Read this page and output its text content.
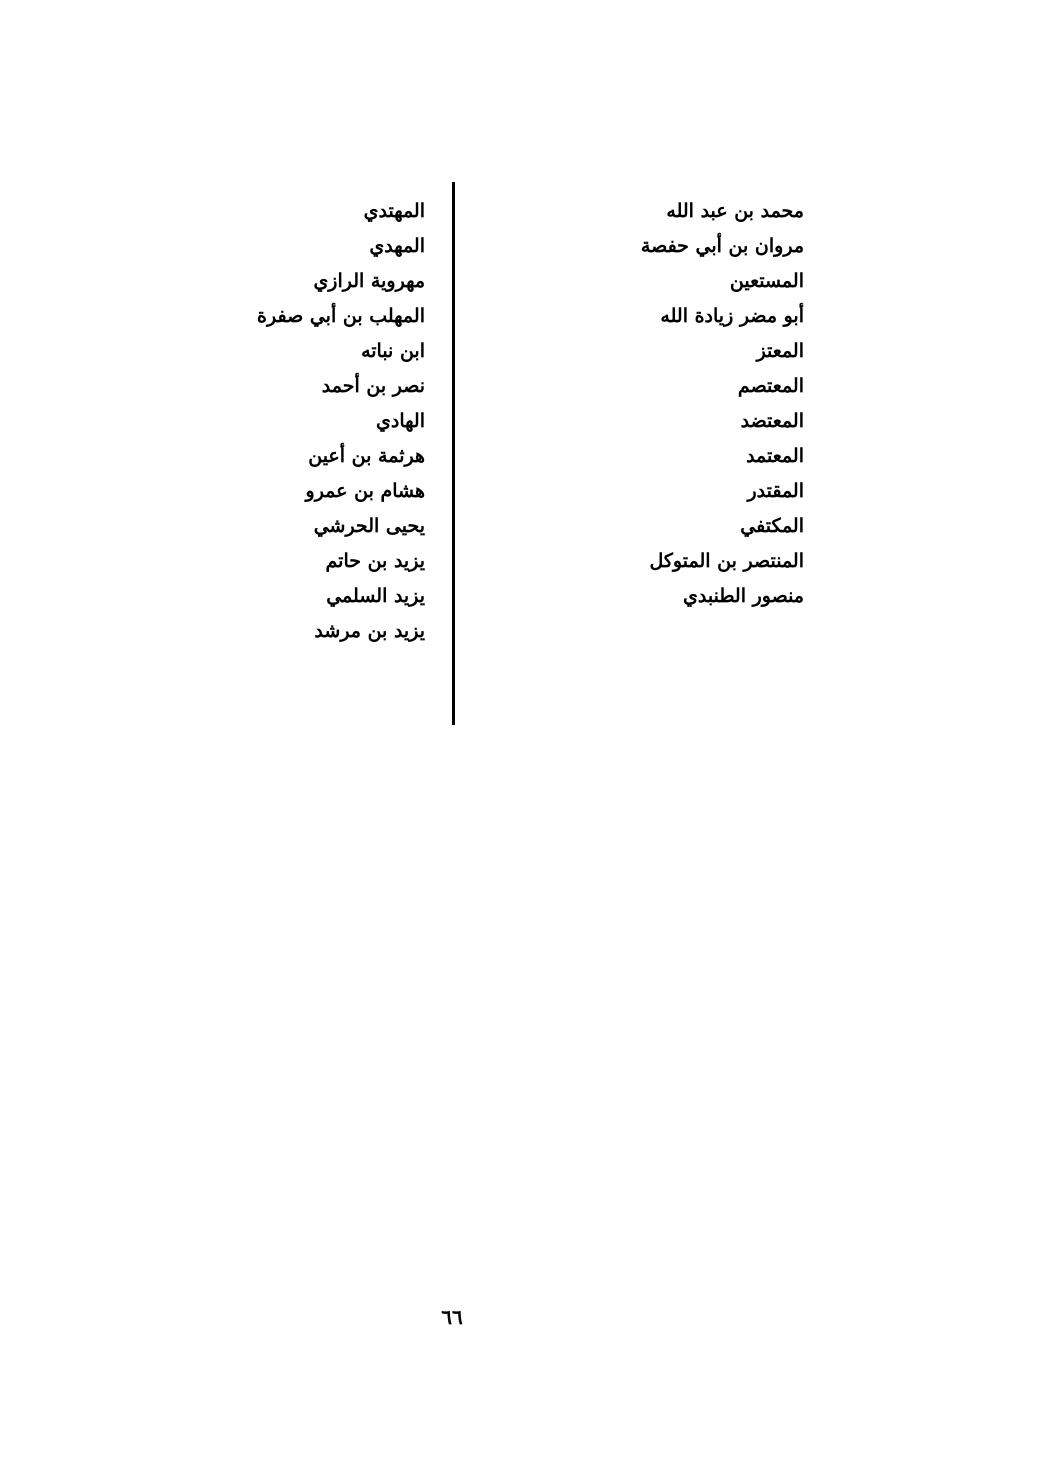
محمد بن عبد الله
مروان بن أبي حفصة
المستعين
أبو مضر زيادة الله
المعتز
المعتصم
المعتضد
المعتمد
المقتدر
المكتفي
المنتصر بن المتوكل
منصور الطنبدي
المهتدي
المهدي
مهروية الرازي
المهلب بن أبي صفرة
ابن نباته
نصر بن أحمد
الهادي
هرثمة بن أعين
هشام بن عمرو
يحيى الحرشي
يزيد بن حاتم
يزيد السلمي
يزيد بن مرشد
٦٦
